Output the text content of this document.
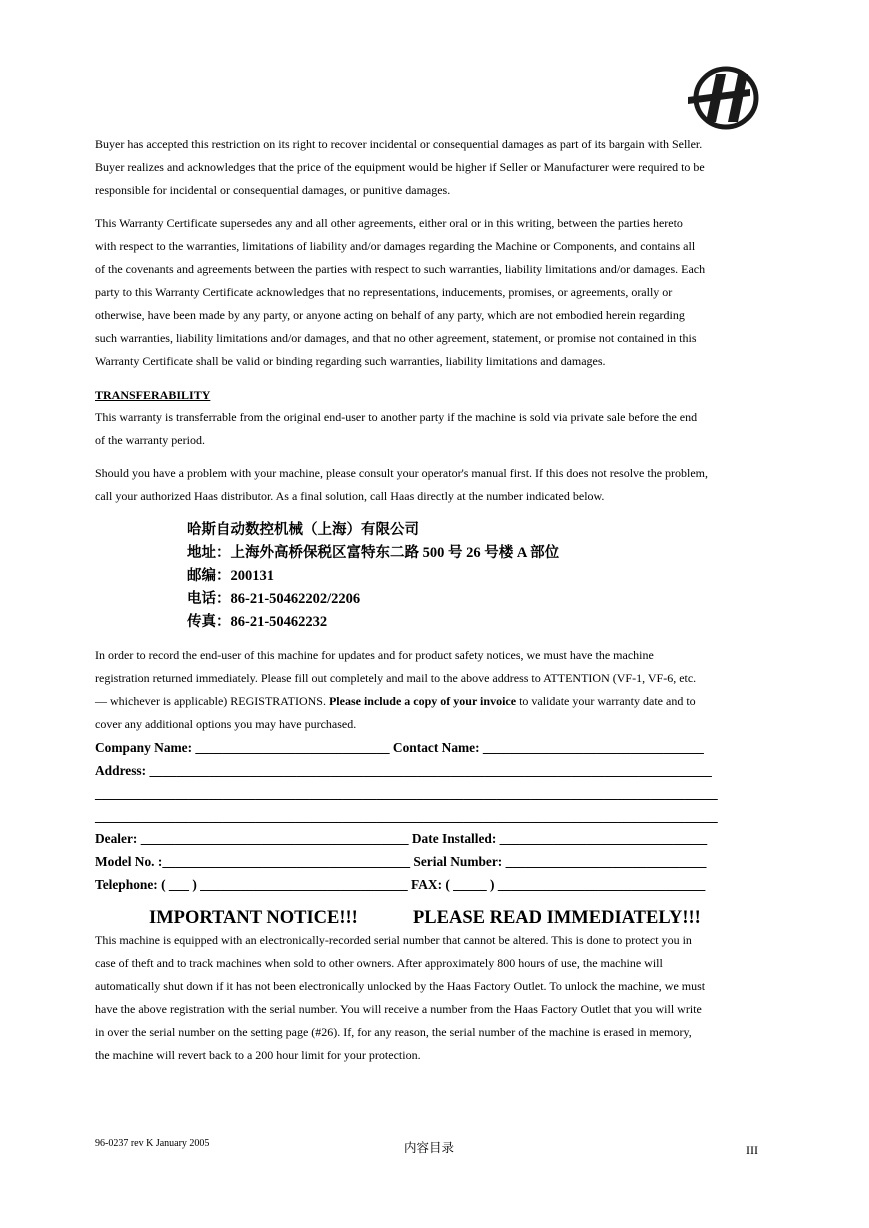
Buyer has accepted this restriction on its right to recover incidental or consequential damages as part of its bargain with Seller.
Buyer realizes and acknowledges that the price of the equipment would be higher if Seller or Manufacturer were required to be
responsible for incidental or consequential damages, or punitive damages.

This Warranty Certificate supersedes any and all other agreements, either oral or in this writing, between the parties hereto
with respect to the warranties, limitations of liability and/or damages regarding the Machine or Components, and contains all
of the covenants and agreements between the parties with respect to such warranties, liability limitations and/or damages. Each
party to this Warranty Certificate acknowledges that no representations, inducements, promises, or agreements, orally or
otherwise, have been made by any party, or anyone acting on behalf of any party, which are not embodied herein regarding
such warranties, liability limitations and/or damages, and that no other agreement, statement, or promise not contained in this
Warranty Certificate shall be valid or binding regarding such warranties, liability limitations and damages.

TRANSFERABILITY

This warranty is transferrable from the original end-user to another party if the machine is sold via private sale before the end
of the warranty period.

Should you have a problem with your machine, please consult your operator's manual first. If this does not resolve the problem,
call your authorized Haas distributor. As a final solution, call Haas directly at the number indicated below.

哈斯自动数控机械（上海）有限公司

地址：上海外高桥保税区富特东二路 500 号 26 号楼 A 部位

邮编：200131

电话：86-21-50462202/2206

传真：86-21-50462232

In order to record the end-user of this machine for updates and for product safety notices, we must have the machine
registration returned immediately. Please fill out completely and mail to the above address to ATTENTION (VF-1, VF-6, etc.
— whichever is applicable) REGISTRATIONS. Please include a copy of your invoice to validate your warranty date and to
cover any additional options you may have purchased.

Company Name: _____________________________ Contact Name: _________________________________

Address: ____________________________________________________________________________________

_____________________________________________________________________________________________

_____________________________________________________________________________________________

Dealer: ________________________________________ Date Installed: _______________________________

Model No. :_____________________________________ Serial Number: ______________________________

Telephone: ( ___ ) _______________________________ FAX: ( _____ ) _______________________________

IMPORTANT NOTICE!!!	PLEASE READ IMMEDIATELY!!!

This machine is equipped with an electronically-recorded serial number that cannot be altered. This is done to protect you in
case of theft and to track machines when sold to other owners. After approximately 800 hours of use, the machine will
automatically shut down if it has not been electronically unlocked by the Haas Factory Outlet. To unlock the machine, we must
have the above registration with the serial number. You will receive a number from the Haas Factory Outlet that you will write
in over the serial number on the setting page (#26). If, for any reason, the serial number of the machine is erased in memory,
the machine will revert back to a 200 hour limit for your protection.

96-0237 rev K January 2005	内容目录	III
